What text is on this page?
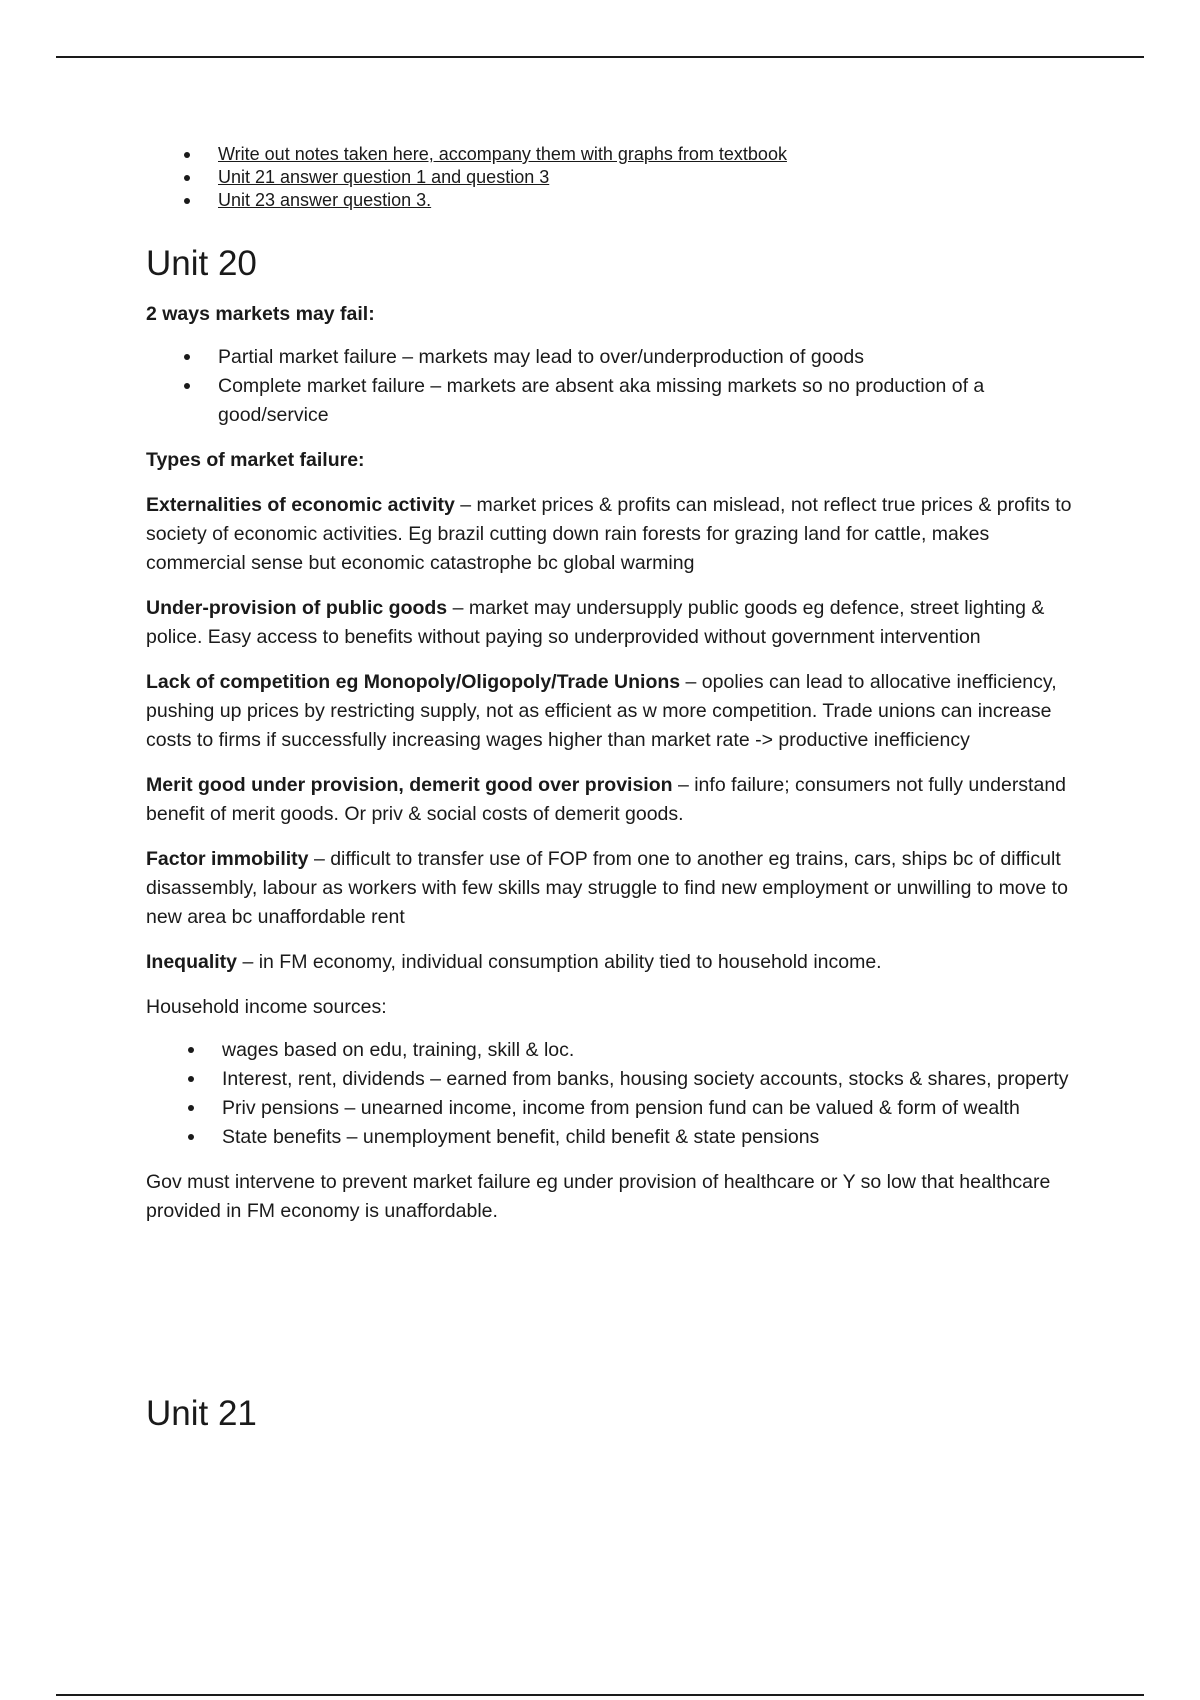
Write out notes taken here, accompany them with graphs from textbook
Unit 21 answer question 1 and question 3
Unit 23 answer question 3.
Unit 20

2 ways markets may fail:

Partial market failure – markets may lead to over/underproduction of goods
Complete market failure – markets are absent aka missing markets so no production of a good/service

Types of market failure:

Externalities of economic activity – market prices & profits can mislead, not reflect true prices & profits to society of economic activities. Eg brazil cutting down rain forests for grazing land for cattle, makes commercial sense but economic catastrophe bc global warming

Under-provision of public goods – market may undersupply public goods eg defence, street lighting & police. Easy access to benefits without paying so underprovided without government intervention

Lack of competition eg Monopoly/Oligopoly/Trade Unions – opolies can lead to allocative inefficiency, pushing up prices by restricting supply, not as efficient as w more competition. Trade unions can increase costs to firms if successfully increasing wages higher than market rate -> productive inefficiency

Merit good under provision, demerit good over provision – info failure; consumers not fully understand benefit of merit goods. Or priv & social costs of demerit goods.

Factor immobility – difficult to transfer use of FOP from one to another eg trains, cars, ships bc of difficult disassembly, labour as workers with few skills may struggle to find new employment or unwilling to move to new area bc unaffordable rent

Inequality – in FM economy, individual consumption ability tied to household income.

Household income sources:

wages based on edu, training, skill & loc.
Interest, rent, dividends – earned from banks, housing society accounts, stocks & shares, property
Priv pensions – unearned income, income from pension fund can be valued & form of wealth
State benefits – unemployment benefit, child benefit & state pensions

Gov must intervene to prevent market failure eg under provision of healthcare or Y so low that healthcare provided in FM economy is unaffordable.

Unit 21
